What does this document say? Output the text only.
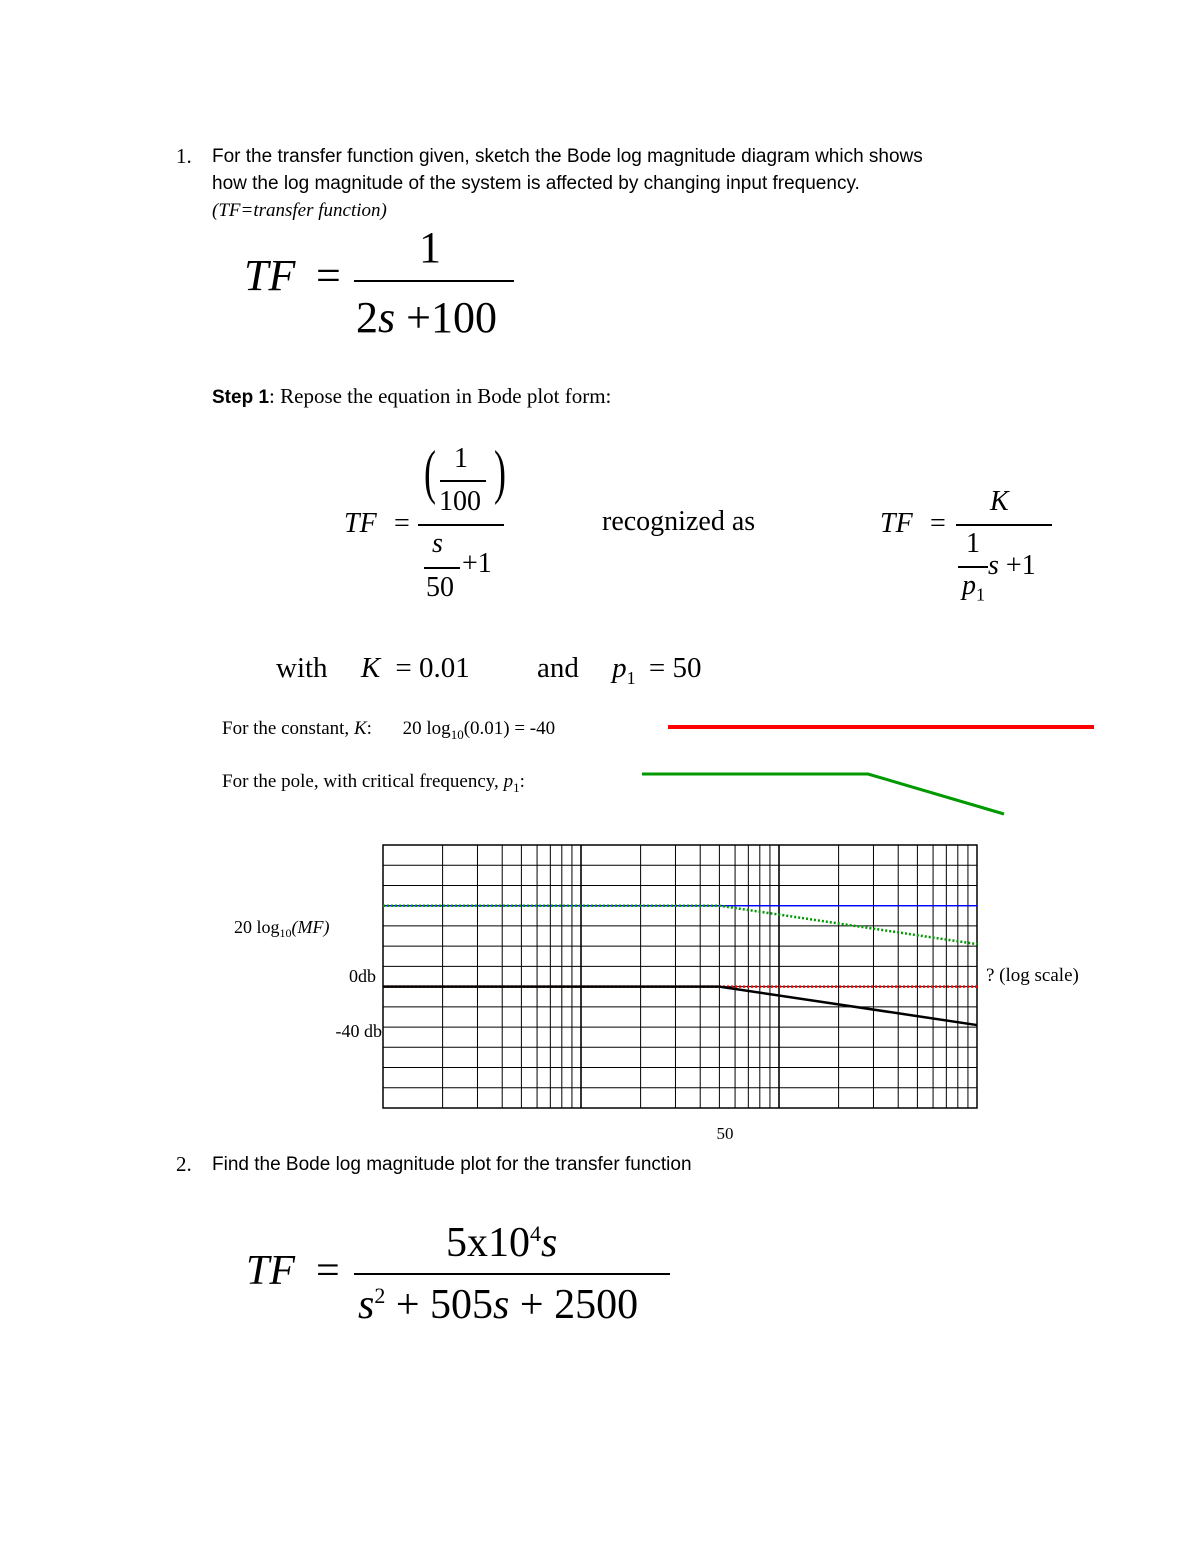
1. For the transfer function given, sketch the Bode log magnitude diagram which shows
how the log magnitude of the system is affected by changing input frequency.
(TF=transfer function)
TF =
1
2s +100
Step 1: Repose the equation in Bode plot form:
TF =
( )
1
100
s
50
+1
recognized as	TF =
K
1
$p_1$
s +1
with K = 0.01 and $p_1 = 50$
For the constant, K: 20 $\log_{10}(0.01) = -40$
For the pole, with critical frequency, $p_1$:
20 $\log_{10}(MF)$
0db
-40 db
? (log scale)
50
2. Find the Bode log magnitude plot for the transfer function
TF =
$5x10^4s$
$s^2 + 505s + 2500$
